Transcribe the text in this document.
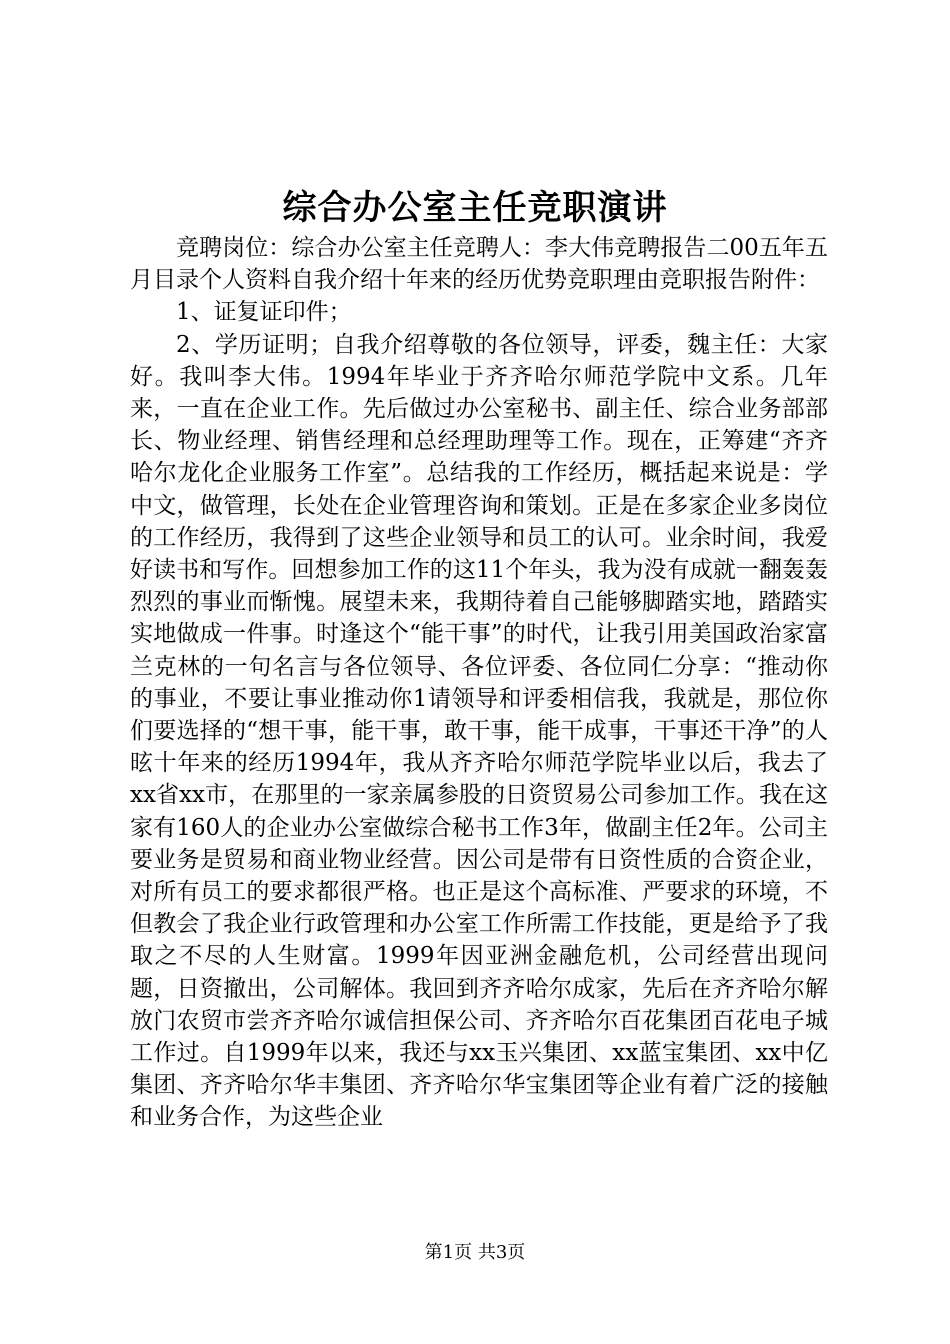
综合办公室主任竞职演讲

竞聘岗位：综合办公室主任竞聘人：李大伟竞聘报告二00五年五月目录个人资料自我介绍十年来的经历优势竞职理由竞职报告附件：

1、证复证印件；

2、学历证明；自我介绍尊敬的各位领导，评委，魏主任：大家好。我叫李大伟。1994年毕业于齐齐哈尔师范学院中文系。几年来，一直在企业工作。先后做过办公室秘书、副主任、综合业务部部长、物业经理、销售经理和总经理助理等工作。现在，正筹建“齐齐哈尔龙化企业服务工作室”。总结我的工作经历，概括起来说是：学中文，做管理，长处在企业管理咨询和策划。正是在多家企业多岗位的工作经历，我得到了这些企业领导和员工的认可。业余时间，我爱好读书和写作。回想参加工作的这11个年头，我为没有成就一翻轰轰烈烈的事业而惭愧。展望未来，我期待着自己能够脚踏实地，踏踏实实地做成一件事。时逢这个“能干事”的时代，让我引用美国政治家富兰克林的一句名言与各位领导、各位评委、各位同仁分享：“推动你的事业，不要让事业推动你1请领导和评委相信我，我就是，那位你们要选择的“想干事，能干事，敢干事，能干成事，干事还干净”的人昡十年来的经历1994年，我从齐齐哈尔师范学院毕业以后，我去了xx省xx市，在那里的一家亲属参股的日资贸易公司参加工作。我在这家有160人的企业办公室做综合秘书工作3年，做副主任2年。公司主要业务是贸易和商业物业经营。因公司是带有日资性质的合资企业，对所有员工的要求都很严格。也正是这个高标准、严要求的环境，不但教会了我企业行政管理和办公室工作所需工作技能，更是给予了我取之不尽的人生财富。1999年因亚洲金融危机，公司经营出现问题，日资撤出，公司解体。我回到齐齐哈尔成家，先后在齐齐哈尔解放门农贸市尝齐齐哈尔诚信担保公司、齐齐哈尔百花集团百花电子城工作过。自1999年以来，我还与xx玉兴集团、xx蓝宝集团、xx中亿集团、齐齐哈尔华丰集团、齐齐哈尔华宝集团等企业有着广泛的接触和业务合作，为这些企业

第1页 共3页
